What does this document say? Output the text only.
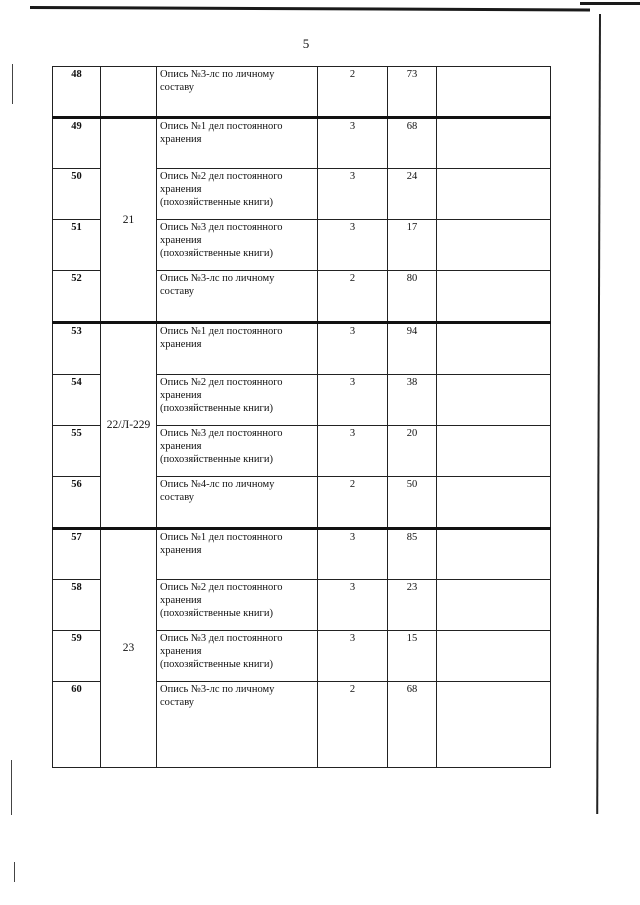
5
48		Опись №3-лс по личному
составу	2	73	
49	21	Опись №1 дел постоянного
хранения	3	68	
50		Опись №2 дел постоянного
хранения
(похозяйственные книги)	3	24	
51		Опись №3 дел постоянного
хранения
(похозяйственные книги)	3	17	
52		Опись №3-лс по личному
составу	2	80	
53	22/Л-229	Опись №1 дел постоянного
хранения	3	94	
54		Опись №2 дел постоянного
хранения
(похозяйственные книги)	3	38	
55		Опись №3 дел постоянного
хранения
(похозяйственные книги)	3	20	
56		Опись №4-лс по личному
составу	2	50	
57	23	Опись №1 дел постоянного
хранения	3	85	
58		Опись №2 дел постоянного
хранения
(похозяйственные книги)	3	23	
59		Опись №3 дел постоянного
хранения
(похозяйственные книги)	3	15	
60		Опись №3-лс по личному
составу	2	68	
